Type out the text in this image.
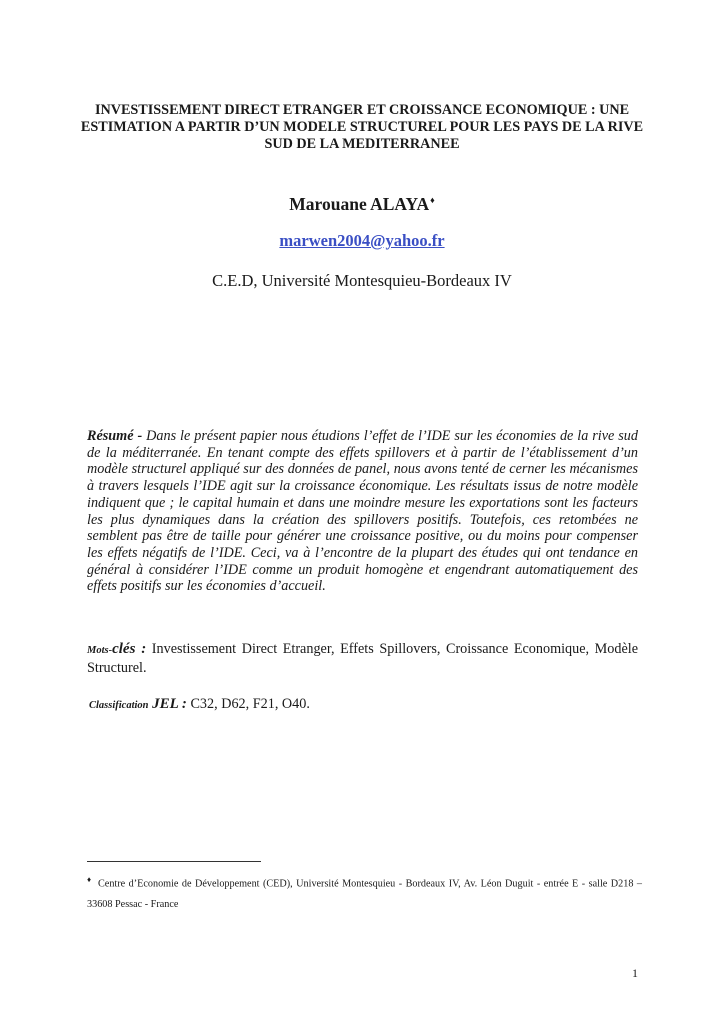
INVESTISSEMENT DIRECT ETRANGER ET CROISSANCE ECONOMIQUE : UNE ESTIMATION A PARTIR D’UN MODELE STRUCTUREL POUR LES PAYS DE LA RIVE SUD DE LA MEDITERRANEE
Marouane ALAYA♦
marwen2004@yahoo.fr
C.E.D, Université Montesquieu-Bordeaux IV
Résumé - Dans le présent papier nous étudions l’effet de l’IDE sur les économies de la rive sud de la méditerranée. En tenant compte des effets spillovers et à partir de l’établissement d’un modèle structurel appliqué sur des données de panel, nous avons tenté de cerner les mécanismes à travers lesquels l’IDE agit sur la croissance économique. Les résultats issus de notre modèle indiquent que ; le capital humain et dans une moindre mesure les exportations sont les facteurs les plus dynamiques dans la création des spillovers positifs. Toutefois, ces retombées ne semblent pas être de taille pour générer une croissance positive, ou du moins pour compenser les effets négatifs de l’IDE. Ceci, va à l’encontre de la plupart des études qui ont tendance en général à considérer l’IDE comme un produit homogène et engendrant automatiquement des effets positifs sur les économies d’accueil.
Mots-clés : Investissement Direct Etranger, Effets Spillovers, Croissance Economique, Modèle Structurel.
Classification JEL : C32, D62, F21, O40.
♦ Centre d’Economie de Développement (CED), Université Montesquieu - Bordeaux IV, Av. Léon Duguit - entrée E - salle D218 – 33608 Pessac - France
1
